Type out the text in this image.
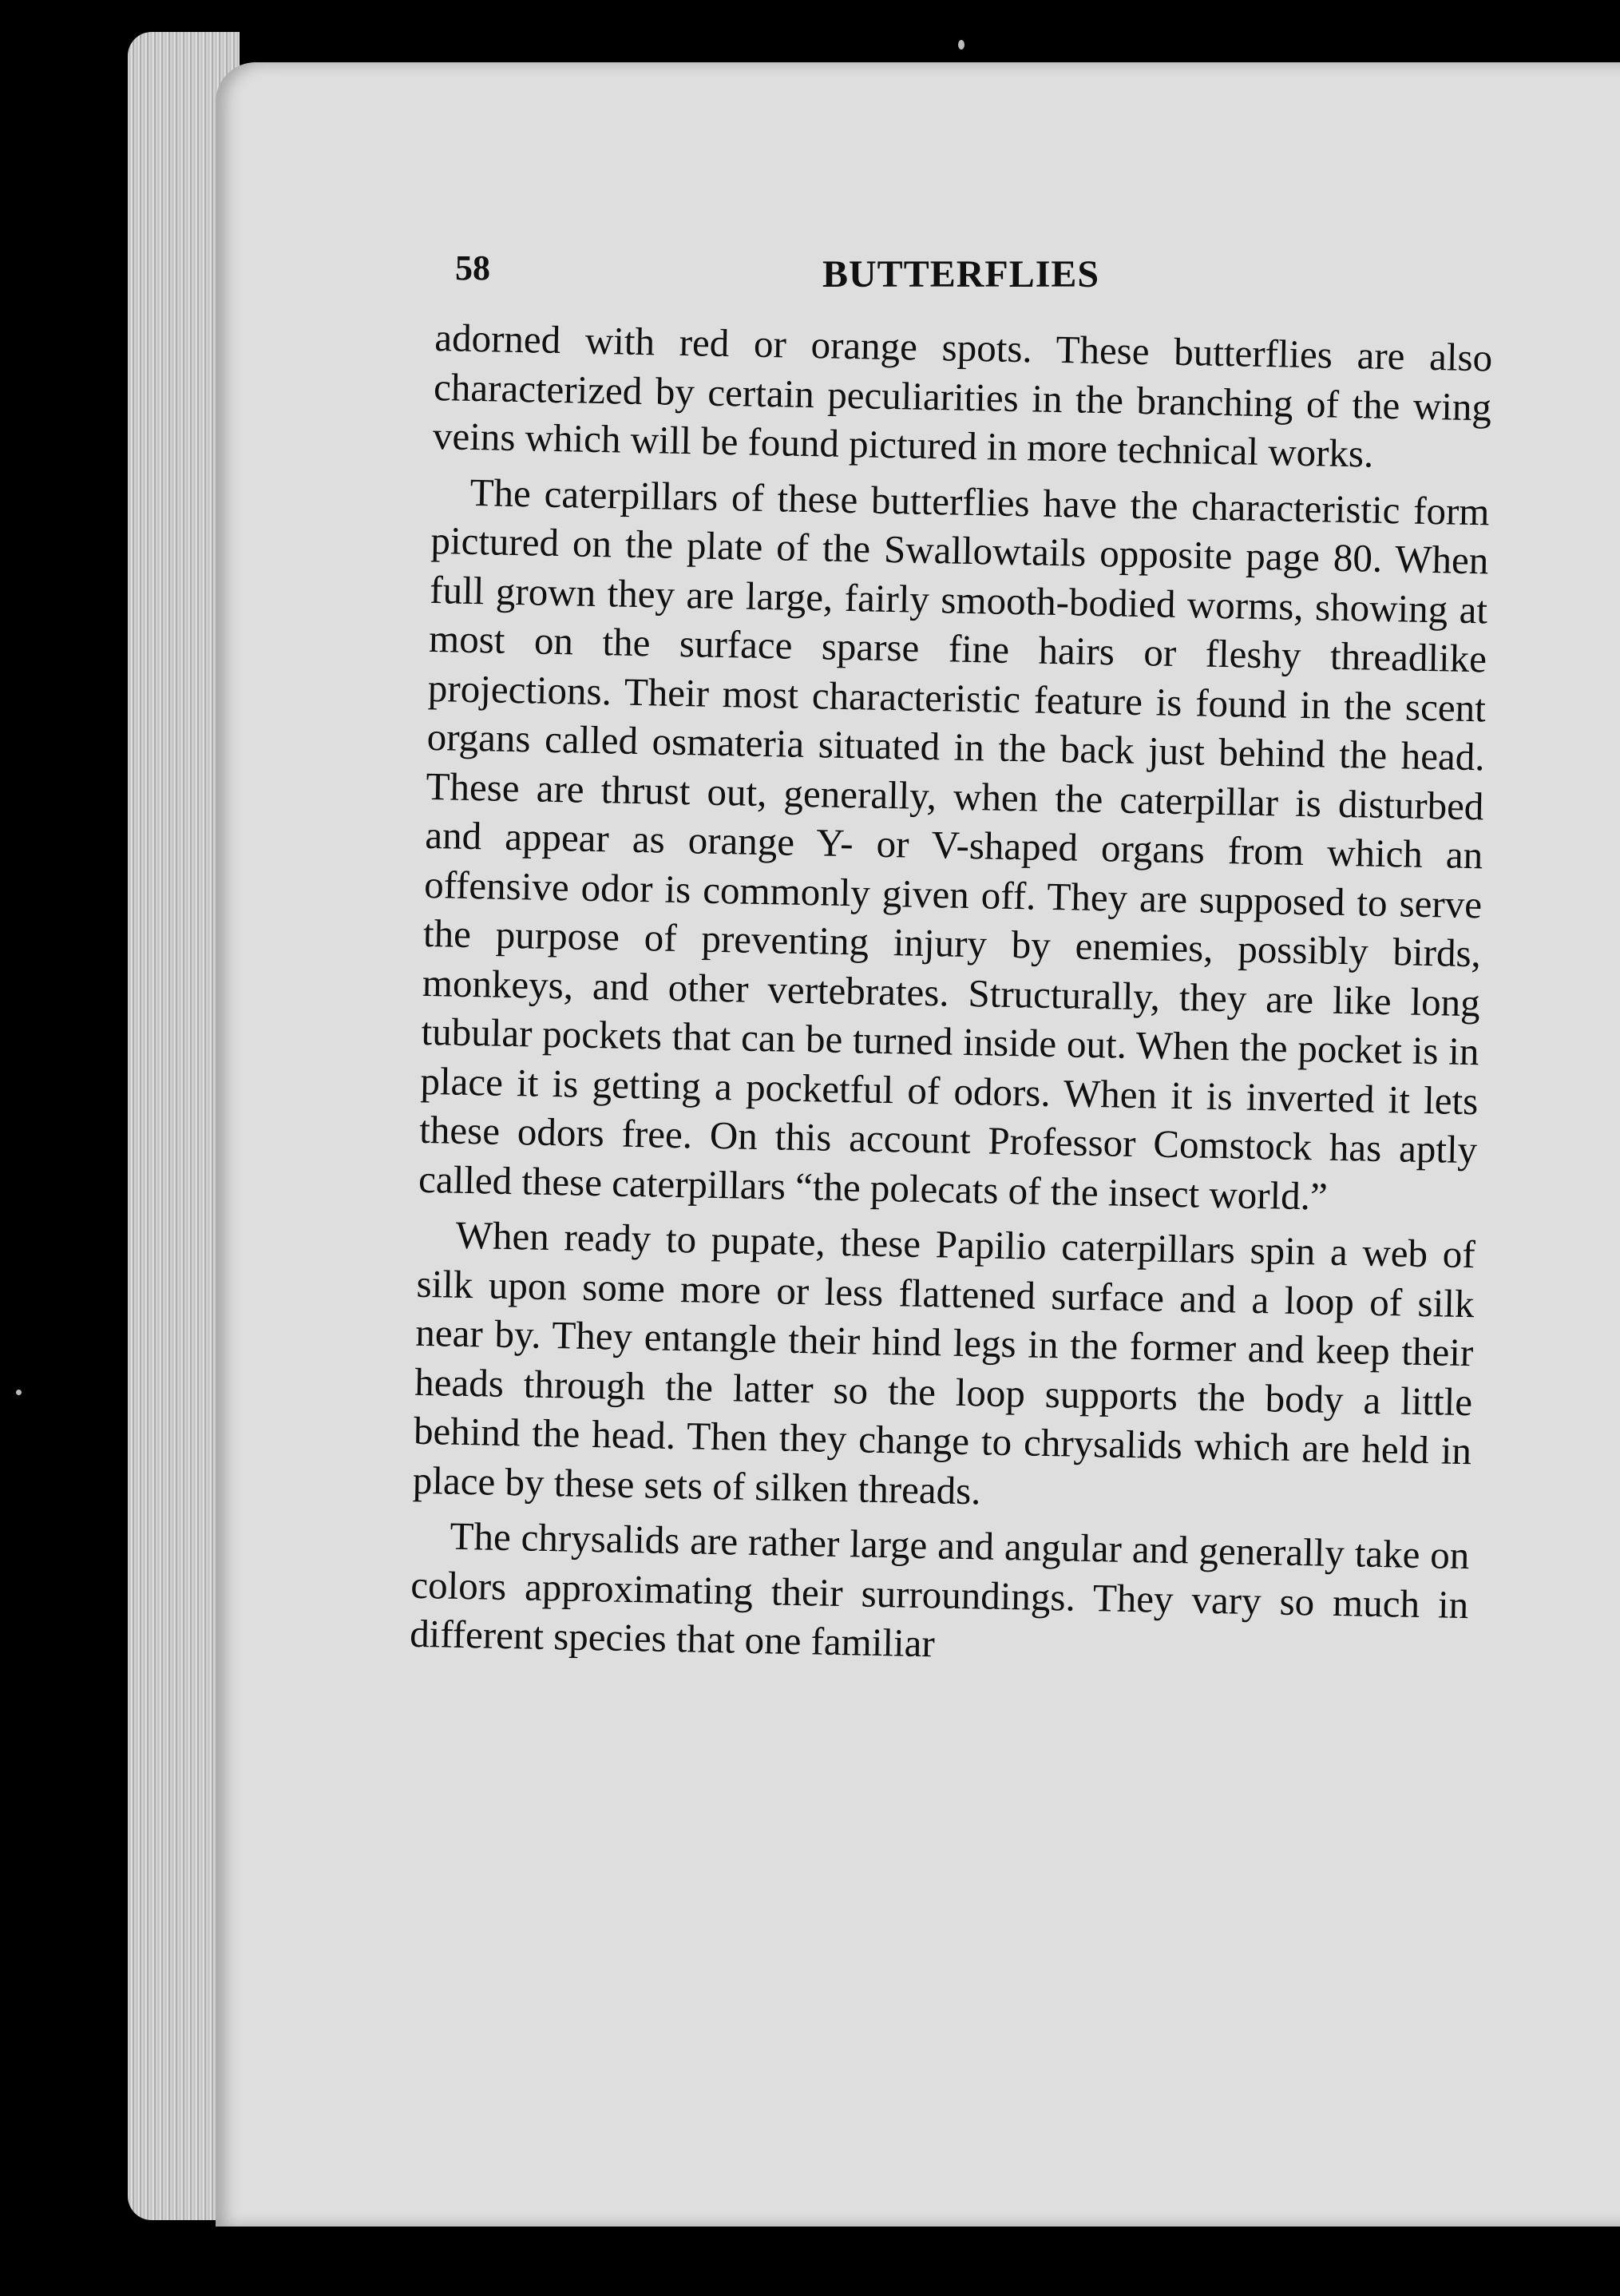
58	BUTTERFLIES

adorned with red or orange spots. These butterflies are also characterized by certain peculiarities in the branching of the wing veins which will be found pictured in more technical works.

The caterpillars of these butterflies have the characteristic form pictured on the plate of the Swallowtails opposite page 80. When full grown they are large, fairly smooth-bodied worms, showing at most on the surface sparse fine hairs or fleshy threadlike projections. Their most characteristic feature is found in the scent organs called osmateria situated in the back just behind the head. These are thrust out, generally, when the caterpillar is disturbed and appear as orange Y- or V-shaped organs from which an offensive odor is commonly given off. They are supposed to serve the purpose of preventing injury by enemies, possibly birds, monkeys, and other vertebrates. Structurally, they are like long tubular pockets that can be turned inside out. When the pocket is in place it is getting a pocketful of odors. When it is inverted it lets these odors free. On this account Professor Comstock has aptly called these caterpillars “the polecats of the insect world.”

When ready to pupate, these Papilio caterpillars spin a web of silk upon some more or less flattened surface and a loop of silk near by. They entangle their hind legs in the former and keep their heads through the latter so the loop supports the body a little behind the head. Then they change to chrysalids which are held in place by these sets of silken threads.

The chrysalids are rather large and angular and generally take on colors approximating their surroundings. They vary so much in different species that one familiar
